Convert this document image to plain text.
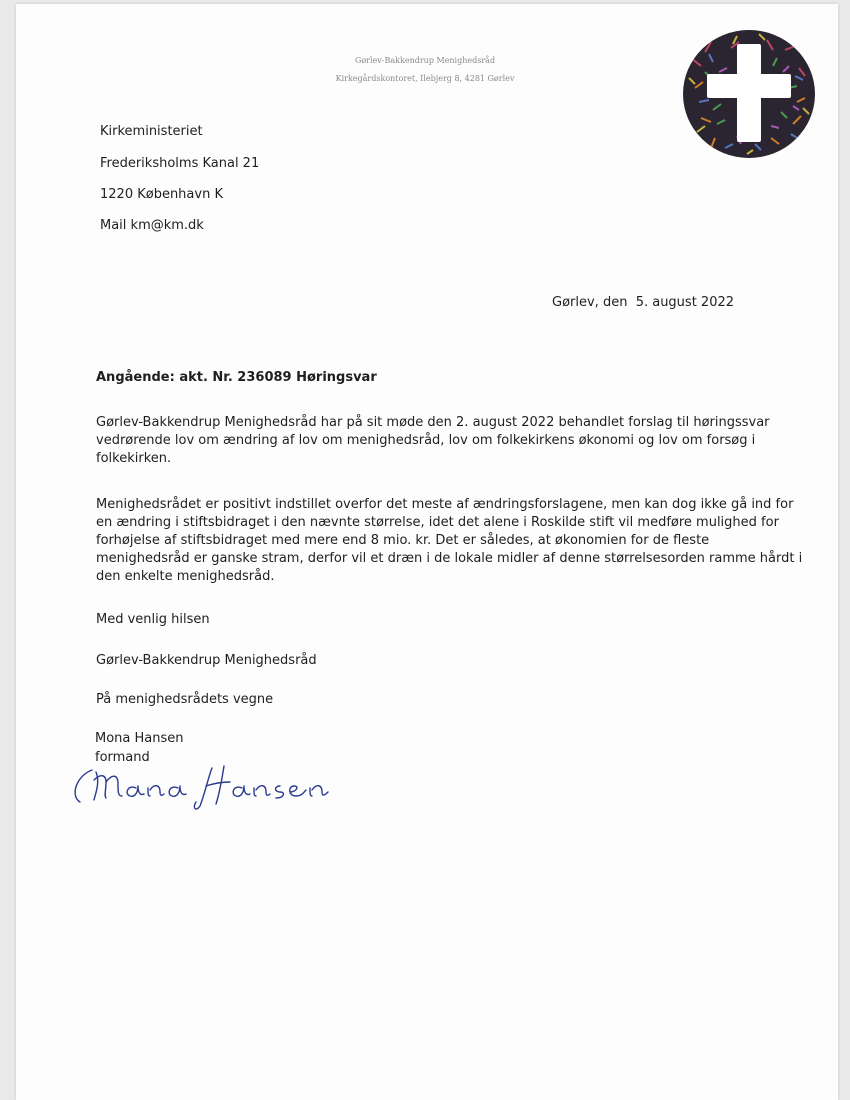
Gørlev-Bakkendrup Menighedsråd
Kirkegårdskontoret, Ilebjerg 8, 4281 Gørlev
Kirkeministeriet
Frederiksholms Kanal 21
1220 København K
Mail km@km.dk
Gørlev, den  5. august 2022
Angående: akt. Nr. 236089 Høringsvar
Gørlev-Bakkendrup Menighedsråd har på sit møde den 2. august 2022 behandlet forslag til høringssvar
vedrørende lov om ændring af lov om menighedsråd, lov om folkekirkens økonomi og lov om forsøg i
folkekirken.
Menighedsrådet er positivt indstillet overfor det meste af ændringsforslagene, men kan dog ikke gå ind for
en ændring i stiftsbidraget i den nævnte størrelse, idet det alene i Roskilde stift vil medføre mulighed for
forhøjelse af stiftsbidraget med mere end 8 mio. kr. Det er således, at økonomien for de fleste
menighedsråd er ganske stram, derfor vil et dræn i de lokale midler af denne størrelsesorden ramme hårdt i
den enkelte menighedsråd.
Med venlig hilsen
Gørlev-Bakkendrup Menighedsråd
På menighedsrådets vegne
Mona Hansen
formand
